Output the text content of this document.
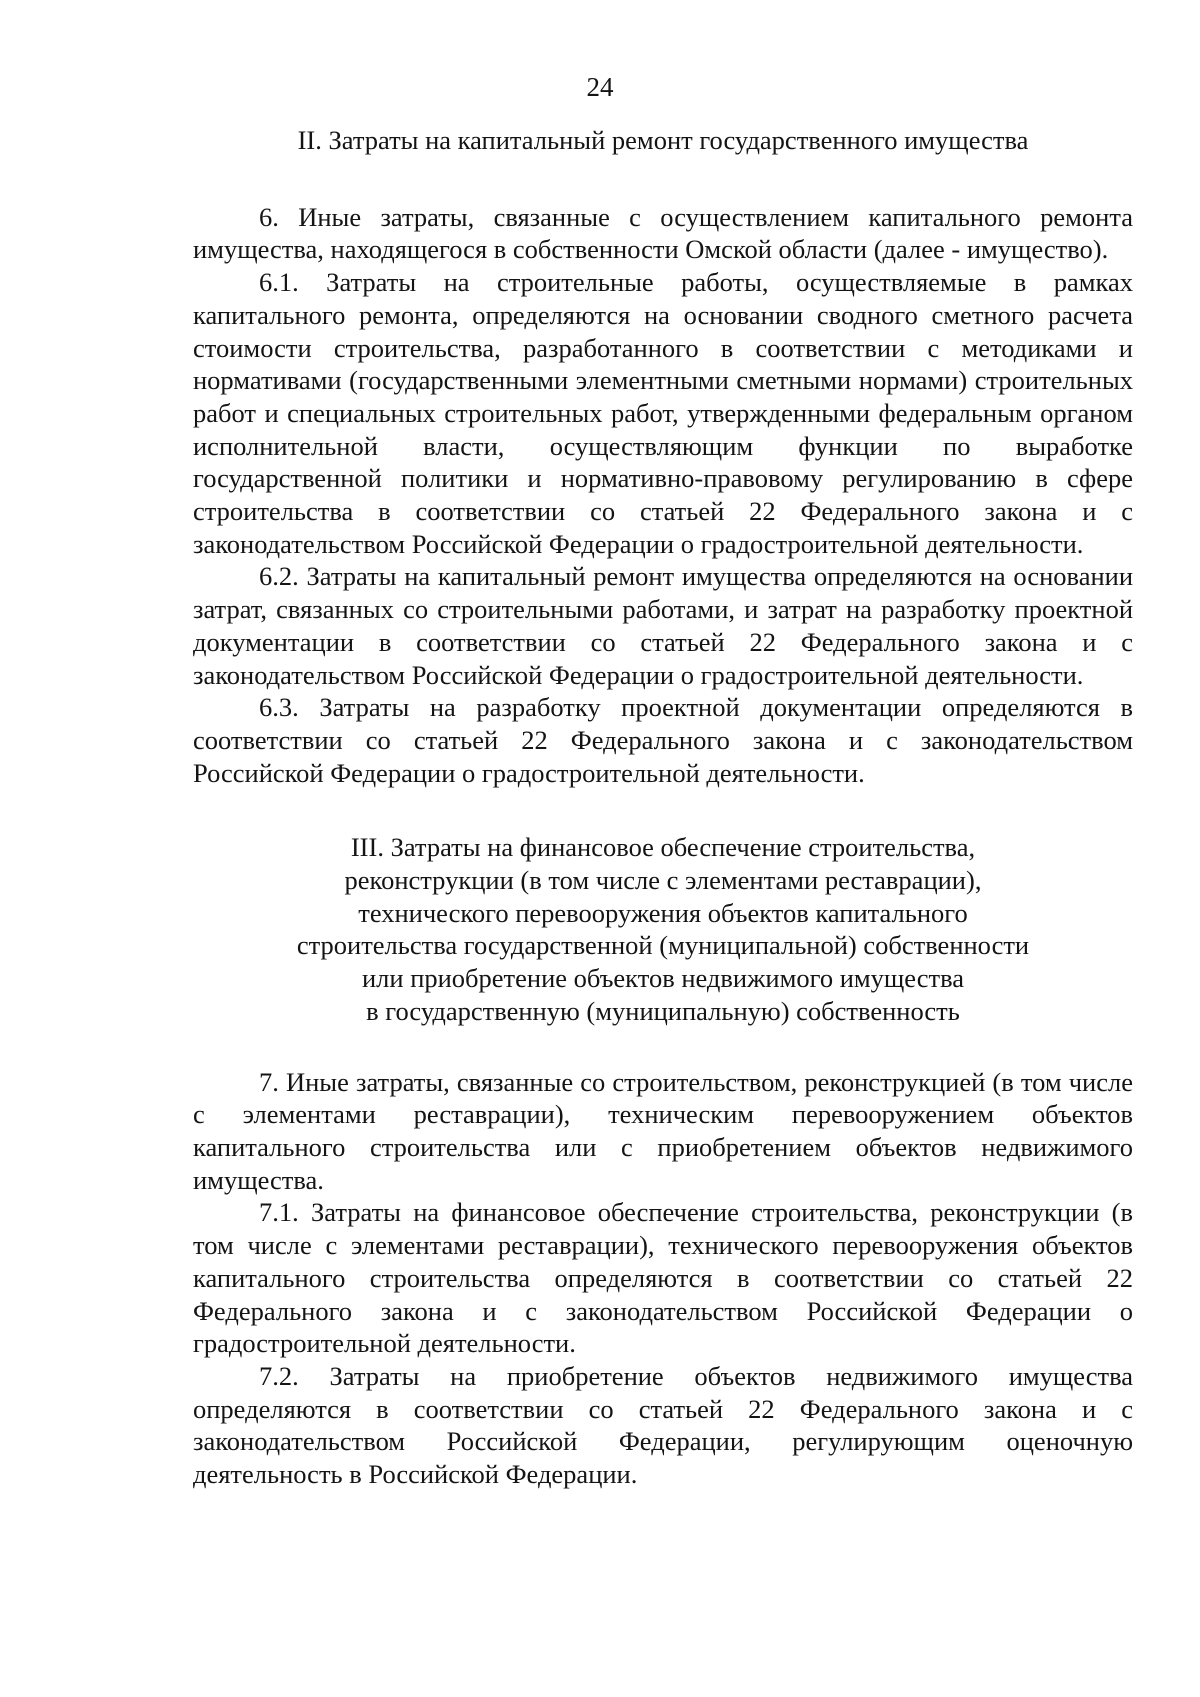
24

II. Затраты на капитальный ремонт государственного имущества

6. Иные затраты, связанные с осуществлением капитального ремонта имущества, находящегося в собственности Омской области (далее - имущество).

6.1. Затраты на строительные работы, осуществляемые в рамках капитального ремонта, определяются на основании сводного сметного расчета стоимости строительства, разработанного в соответствии с методиками и нормативами (государственными элементными сметными нормами) строительных работ и специальных строительных работ, утвержденными федеральным органом исполнительной власти, осуществляющим функции по выработке государственной политики и нормативно-правовому регулированию в сфере строительства в соответствии со статьей 22 Федерального закона и с законодательством Российской Федерации о градостроительной деятельности.

6.2. Затраты на капитальный ремонт имущества определяются на основании затрат, связанных со строительными работами, и затрат на разработку проектной документации в соответствии со статьей 22 Федерального закона и с законодательством Российской Федерации о градостроительной деятельности.

6.3. Затраты на разработку проектной документации определяются в соответствии со статьей 22 Федерального закона и с законодательством Российской Федерации о градостроительной деятельности.

III. Затраты на финансовое обеспечение строительства,
реконструкции (в том числе с элементами реставрации),
технического перевооружения объектов капитального
строительства государственной (муниципальной) собственности
или приобретение объектов недвижимого имущества
в государственную (муниципальную) собственность

7. Иные затраты, связанные со строительством, реконструкцией (в том числе с элементами реставрации), техническим перевооружением объектов капитального строительства или с приобретением объектов недвижимого имущества.

7.1. Затраты на финансовое обеспечение строительства, реконструкции (в том числе с элементами реставрации), технического перевооружения объектов капитального строительства определяются в соответствии со статьей 22 Федерального закона и с законодательством Российской Федерации о градостроительной деятельности.

7.2. Затраты на приобретение объектов недвижимого имущества определяются в соответствии со статьей 22 Федерального закона и с законодательством Российской Федерации, регулирующим оценочную деятельность в Российской Федерации.
